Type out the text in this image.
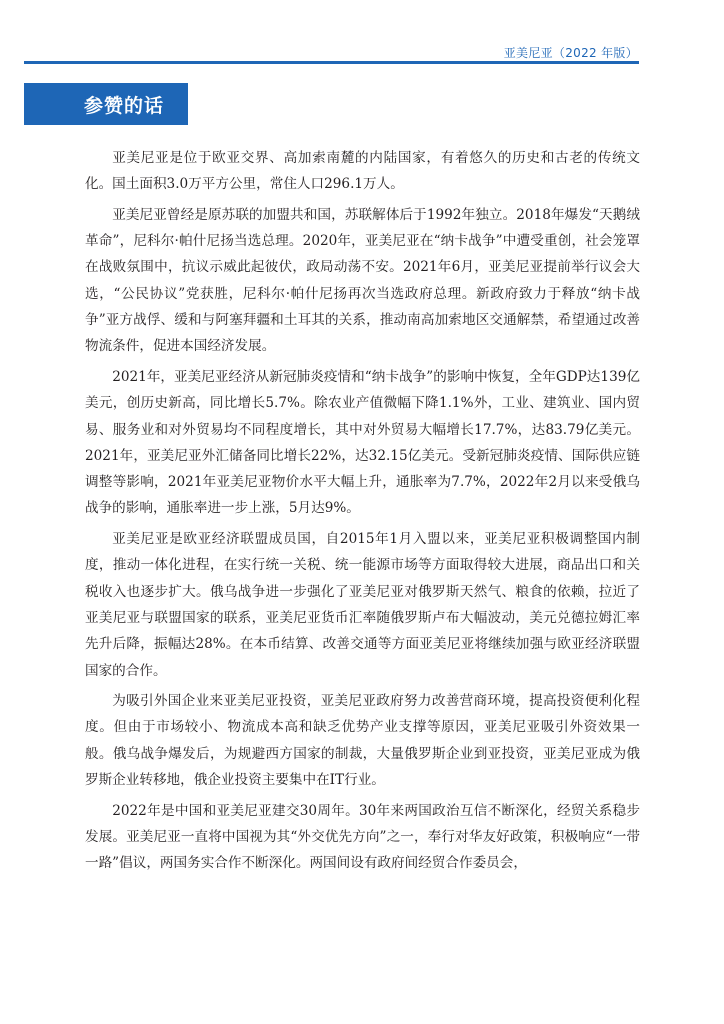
亚美尼亚（2022 年版）
参赞的话

亚美尼亚是位于欧亚交界、高加索南麓的内陆国家，有着悠久的历史和古老的传统文化。国土面积3.0万平方公里，常住人口296.1万人。

亚美尼亚曾经是原苏联的加盟共和国，苏联解体后于1992年独立。2018年爆发“天鹅绒革命”，尼科尔·帕什尼扬当选总理。2020年，亚美尼亚在“纳卡战争”中遭受重创，社会笼罩在战败氛围中，抗议示威此起彼伏，政局动荡不安。2021年6月，亚美尼亚提前举行议会大选，“公民协议”党获胜，尼科尔·帕什尼扬再次当选政府总理。新政府致力于释放“纳卡战争”亚方战俘、缓和与阿塞拜疆和土耳其的关系，推动南高加索地区交通解禁，希望通过改善物流条件，促进本国经济发展。

2021年，亚美尼亚经济从新冠肺炎疫情和“纳卡战争”的影响中恢复，全年GDP达139亿美元，创历史新高，同比增长5.7%。除农业产值微幅下降1.1%外，工业、建筑业、国内贸易、服务业和对外贸易均不同程度增长，其中对外贸易大幅增长17.7%，达83.79亿美元。2021年，亚美尼亚外汇储备同比增长22%，达32.15亿美元。受新冠肺炎疫情、国际供应链调整等影响，2021年亚美尼亚物价水平大幅上升，通胀率为7.7%，2022年2月以来受俄乌战争的影响，通胀率进一步上涨，5月达9%。

亚美尼亚是欧亚经济联盟成员国，自2015年1月入盟以来，亚美尼亚积极调整国内制度，推动一体化进程，在实行统一关税、统一能源市场等方面取得较大进展，商品出口和关税收入也逐步扩大。俄乌战争进一步强化了亚美尼亚对俄罗斯天然气、粮食的依赖，拉近了亚美尼亚与联盟国家的联系，亚美尼亚货币汇率随俄罗斯卢布大幅波动，美元兑德拉姆汇率先升后降，振幅达28%。在本币结算、改善交通等方面亚美尼亚将继续加强与欧亚经济联盟国家的合作。

为吸引外国企业来亚美尼亚投资，亚美尼亚政府努力改善营商环境，提高投资便利化程度。但由于市场较小、物流成本高和缺乏优势产业支撑等原因，亚美尼亚吸引外资效果一般。俄乌战争爆发后，为规避西方国家的制裁，大量俄罗斯企业到亚投资，亚美尼亚成为俄罗斯企业转移地，俄企业投资主要集中在IT行业。

2022年是中国和亚美尼亚建交30周年。30年来两国政治互信不断深化，经贸关系稳步发展。亚美尼亚一直将中国视为其“外交优先方向”之一，奉行对华友好政策，积极响应“一带一路”倡议，两国务实合作不断深化。两国间设有政府间经贸合作委员会，
